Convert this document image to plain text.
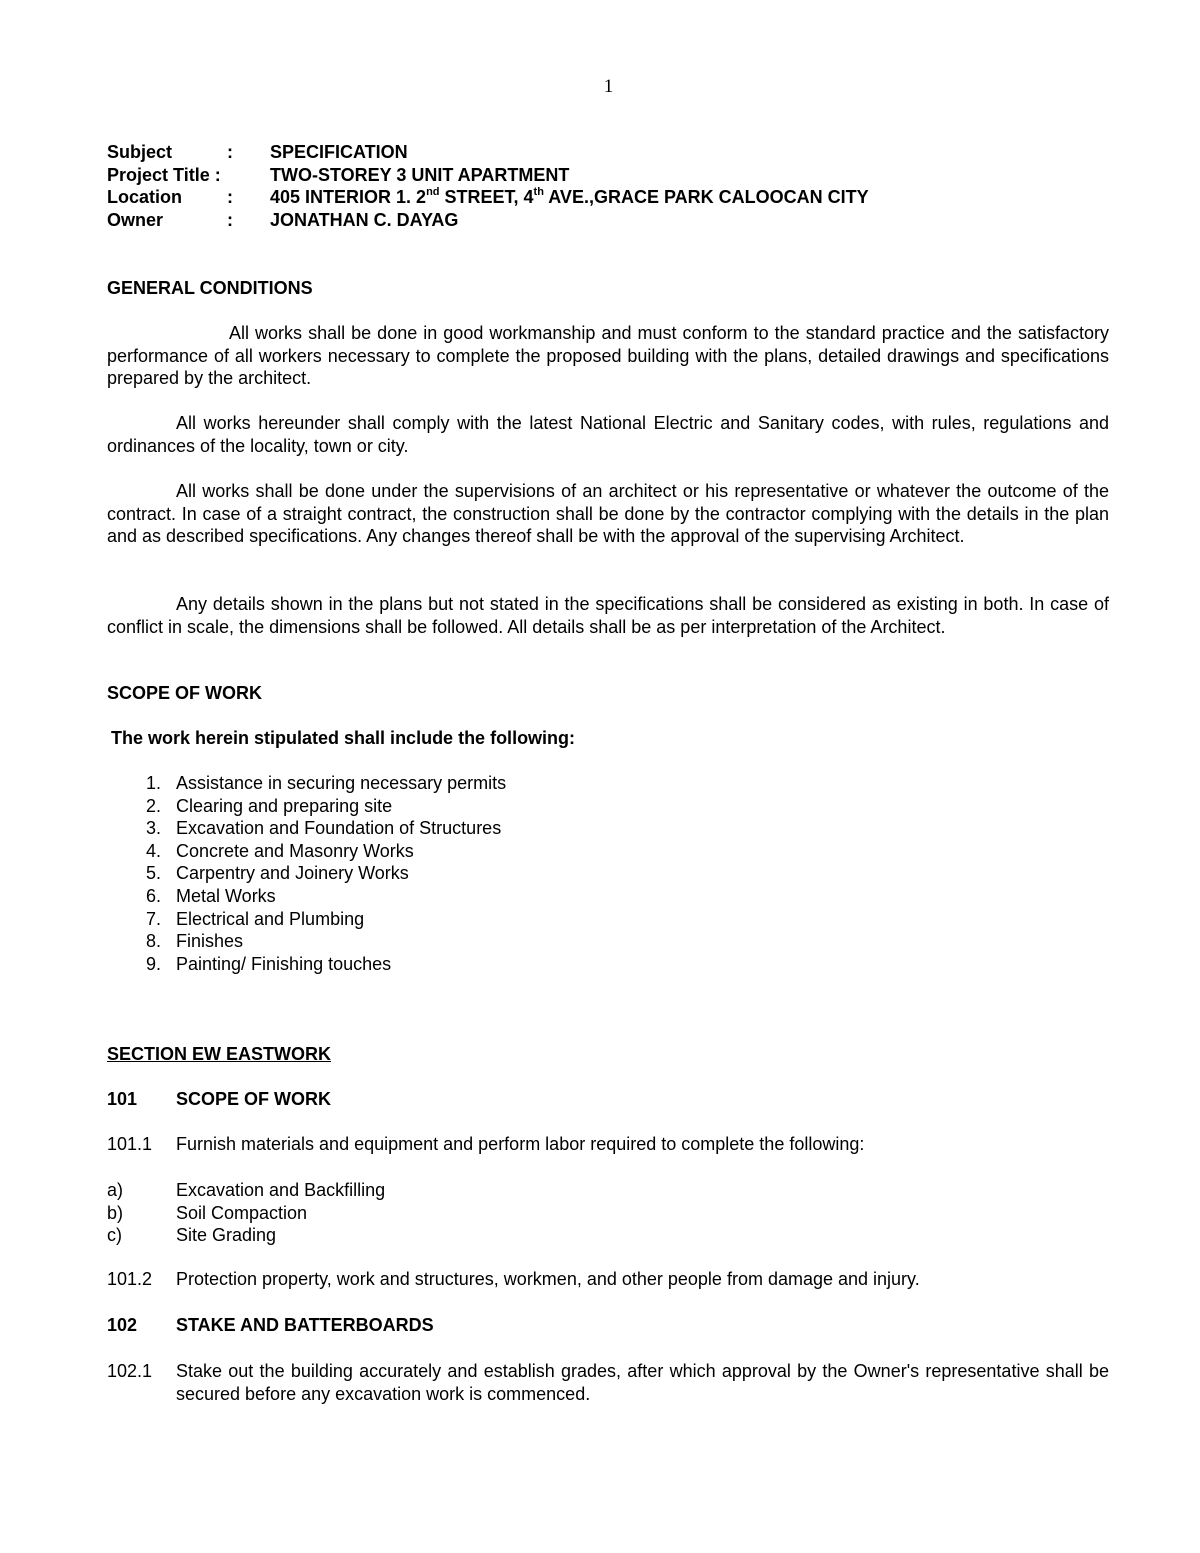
1
Subject	: SPECIFICATION
Project Title :	TWO-STOREY 3 UNIT APARTMENT
Location	: 405 INTERIOR 1. 2nd STREET, 4th AVE.,GRACE PARK CALOOCAN CITY
Owner	: JONATHAN C. DAYAG
GENERAL CONDITIONS

All works shall be done in good workmanship and must conform to the standard practice and the satisfactory performance of all workers necessary to complete the proposed building with the plans, detailed drawings and specifications prepared by the architect.

All works hereunder shall comply with the latest National Electric and Sanitary codes, with rules, regulations and ordinances of the locality, town or city.

All works shall be done under the supervisions of an architect or his representative or whatever the outcome of the contract. In case of a straight contract, the construction shall be done by the contractor complying with the details in the plan and as described specifications. Any changes thereof shall be with the approval of the supervising Architect.

Any details shown in the plans but not stated in the specifications shall be considered as existing in both. In case of conflict in scale, the dimensions shall be followed. All details shall be as per interpretation of the Architect.

SCOPE OF WORK
The work herein stipulated shall include the following:
1. Assistance in securing necessary permits
2. Clearing and preparing site
3. Excavation and Foundation of Structures
4. Concrete and Masonry Works
5. Carpentry and Joinery Works
6. Metal Works
7. Electrical and Plumbing
8. Finishes
9. Painting/ Finishing touches
SECTION EW EASTWORK
101 SCOPE OF WORK
101.1 Furnish materials and equipment and perform labor required to complete the following:
a)	Excavation and Backfilling
b)	Soil Compaction
c)	Site Grading
101.2 Protection property, work and structures, workmen, and other people from damage and injury.
102 STAKE AND BATTERBOARDS
102.1 Stake out the building accurately and establish grades, after which approval by the Owner's representative shall be secured before any excavation work is commenced.
